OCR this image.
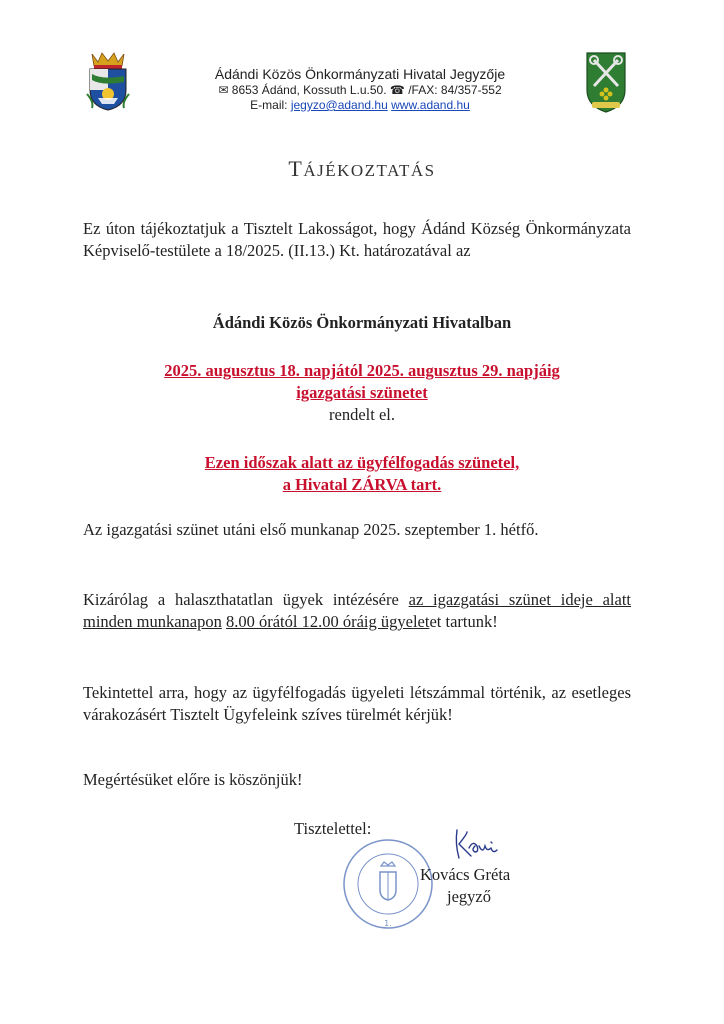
Ádándi Közös Önkormányzati Hivatal Jegyzője
✉ 8653 Ádánd, Kossuth L.u.50. ☎ /FAX: 84/357-552
E-mail: jegyzo@adand.hu www.adand.hu
TÁJÉKOZTATÁS
Ez úton tájékoztatjuk a Tisztelt Lakosságot, hogy Ádánd Község Önkormányzata Képviselő-testülete a 18/2025. (II.13.) Kt. határozatával az
Ádándi Közös Önkormányzati Hivatalban
2025. augusztus 18. napjától 2025. augusztus 29. napjáig
igazgatási szünetet
rendelt el.
Ezen időszak alatt az ügyfélfogadás szünetel,
a Hivatal ZÁRVA tart.
Az igazgatási szünet utáni első munkanap 2025. szeptember 1. hétfő.
Kizárólag a halaszthatatlan ügyek intézésére az igazgatási szünet ideje alatt minden munkanapon 8.00 órától 12.00 óráig ügyeletet tartunk!
Tekintettel arra, hogy az ügyfélfogadás ügyeleti létszámmal történik, az esetleges várakozásért Tisztelt Ügyfeleink szíves türelmét kérjük!
Megértésüket előre is köszönjük!
Tisztelettel:
1.
Kovács Gréta
jegyző
